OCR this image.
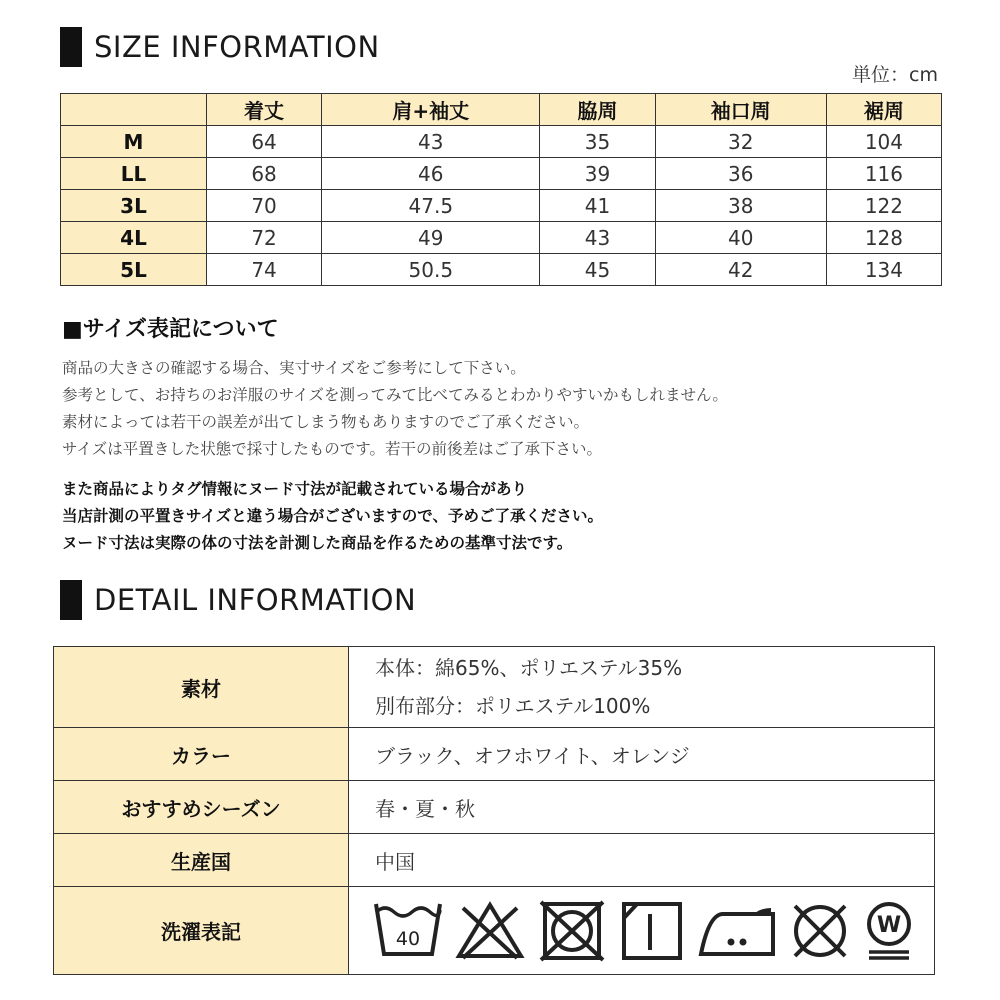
SIZE INFORMATION
単位：cm
	着丈	肩+袖丈	脇周	袖口周	裾周
M	64	43	35	32	104
LL	68	46	39	36	116
3L	70	47.5	41	38	122
4L	72	49	43	40	128
5L	74	50.5	45	42	134
■サイズ表記について
商品の大きさの確認する場合、実寸サイズをご参考にして下さい。
参考として、お持ちのお洋服のサイズを測ってみて比べてみるとわかりやすいかもしれません。
素材によっては若干の誤差が出てしまう物もありますのでご了承ください。
サイズは平置きした状態で採寸したものです。若干の前後差はご了承下さい。
また商品によりタグ情報にヌード寸法が記載されている場合があり
当店計測の平置きサイズと違う場合がございますので、予めご了承ください。
ヌード寸法は実際の体の寸法を計測した商品を作るための基準寸法です。
DETAIL INFORMATION
素材	本体：綿65%、ポリエステル35%
別布部分：ポリエステル100%

カラー	ブラック、オフホワイト、オレンジ
おすすめシーズン	春・夏・秋
生産国	中国
洗濯表記	40
W
